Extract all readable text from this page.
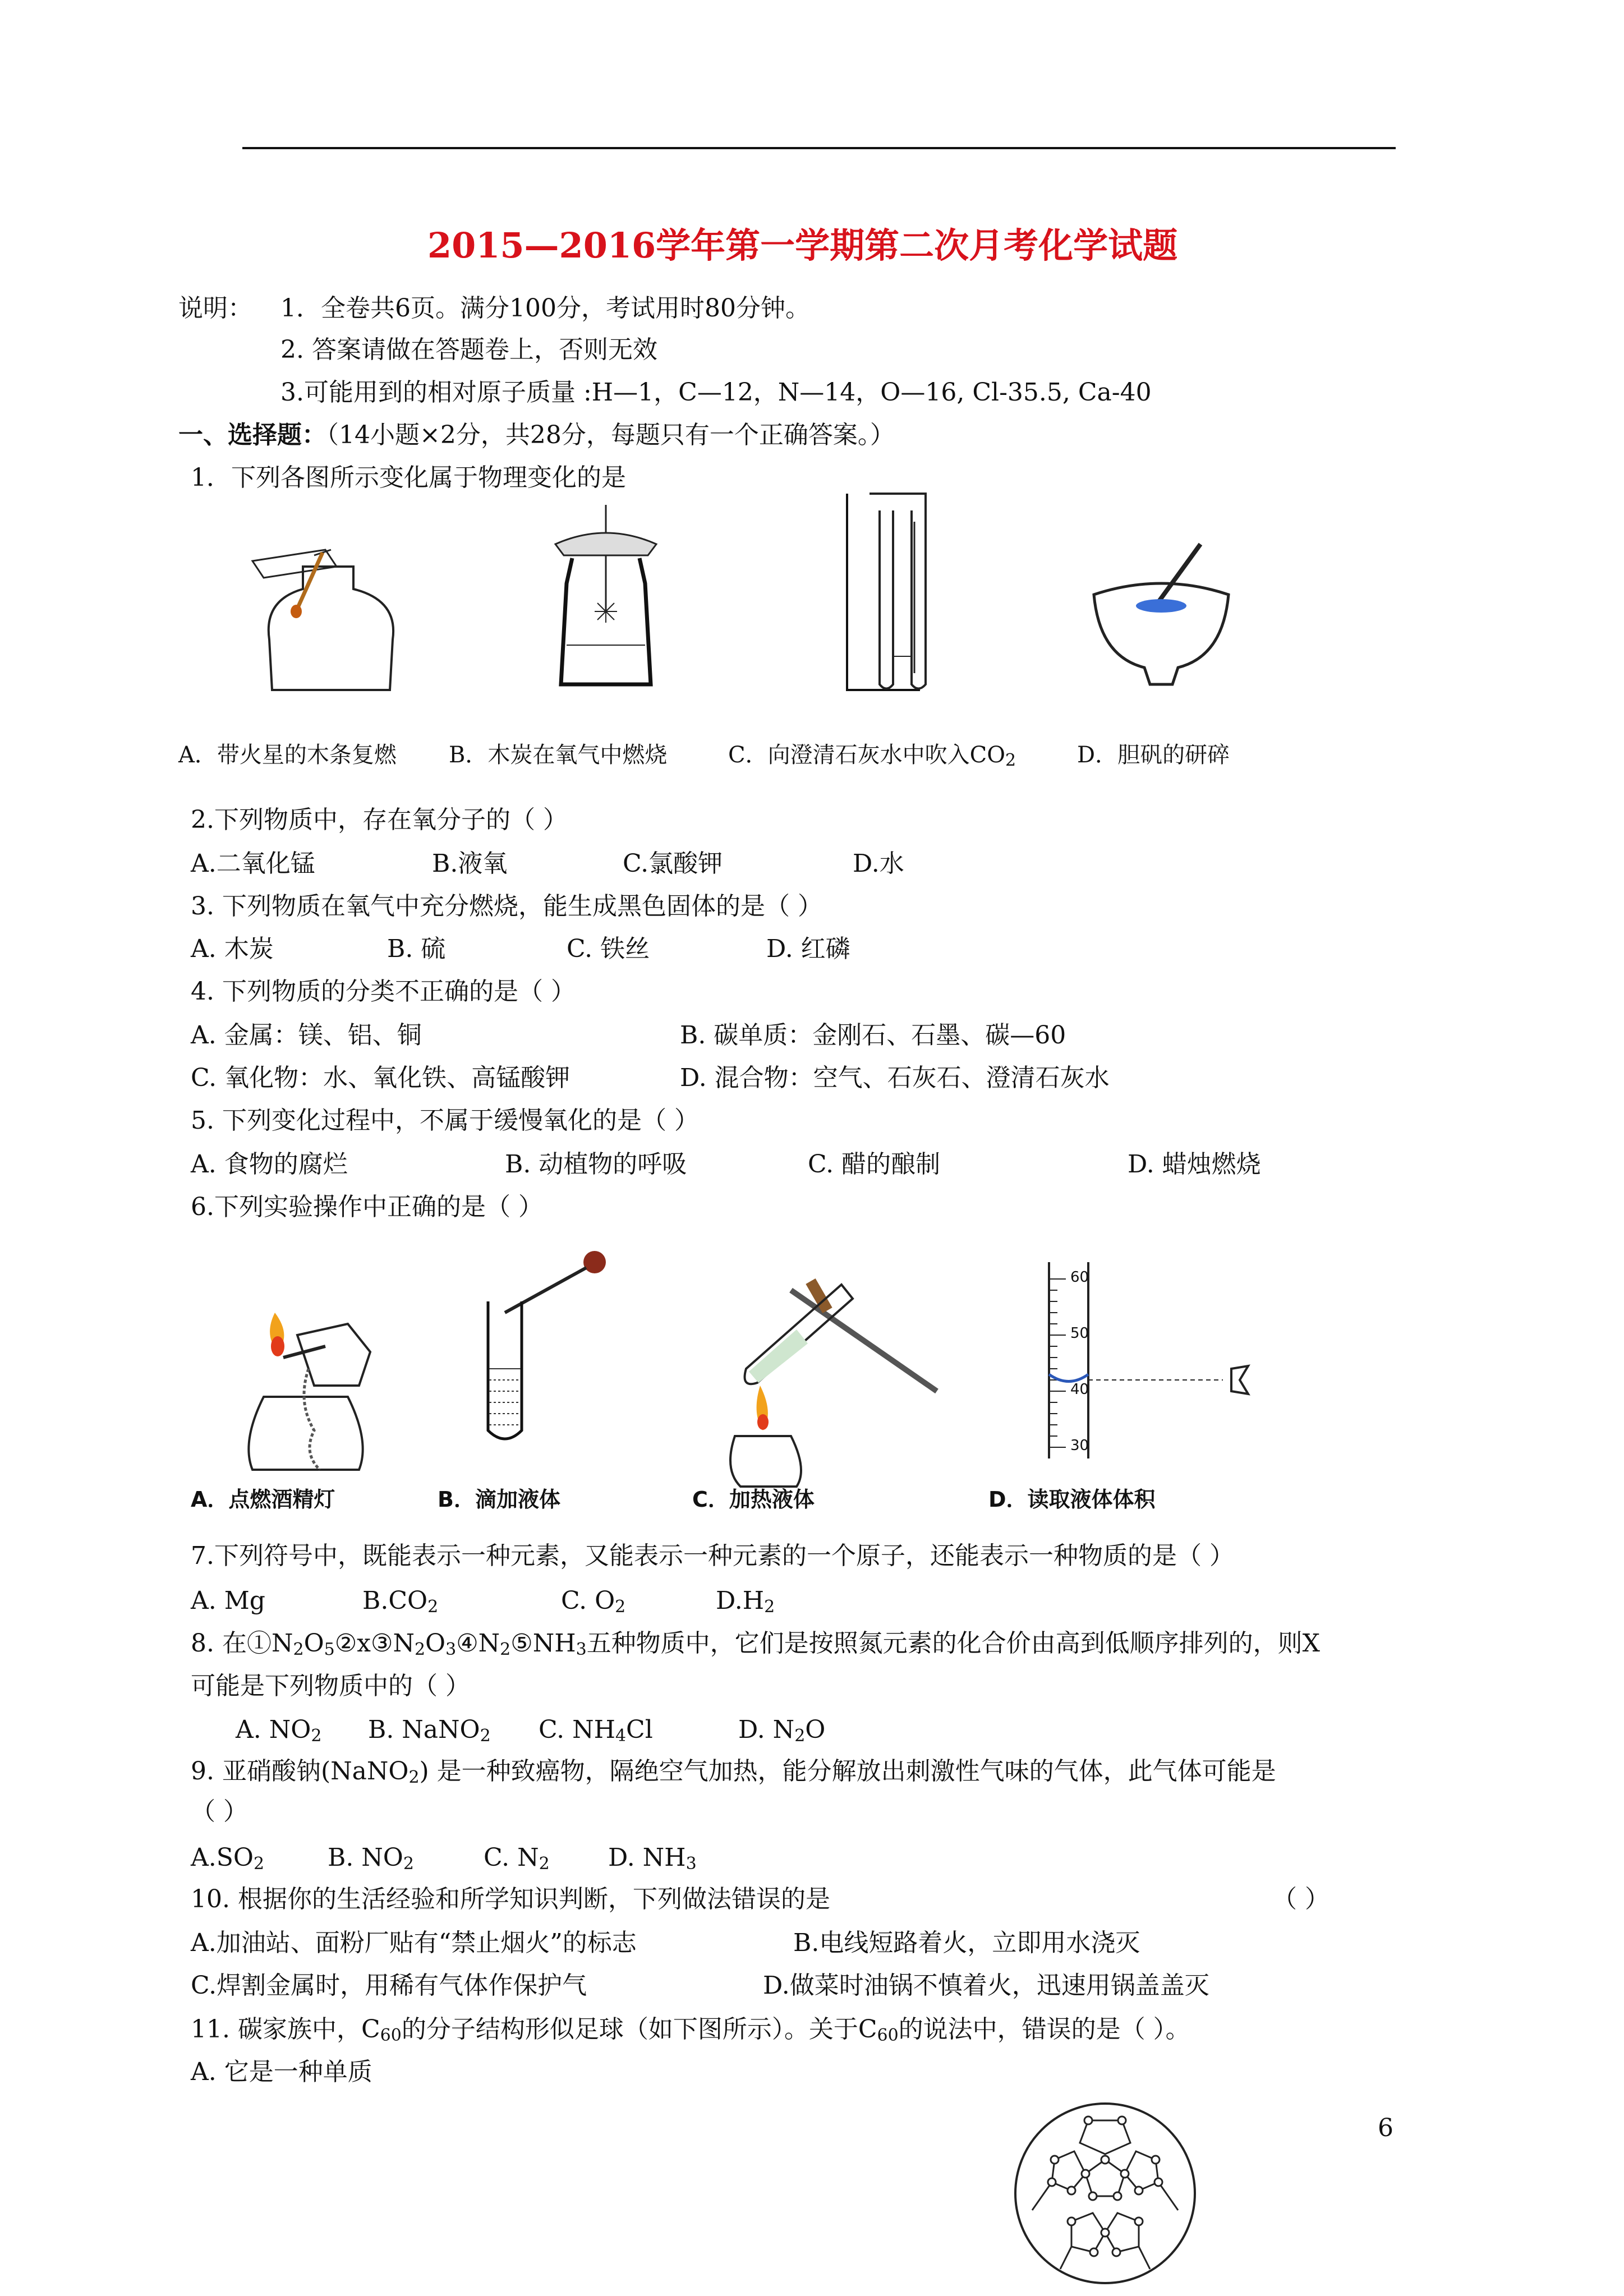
2015—2016学年第一学期第二次月考化学试题
说明： 1．全卷共6页。满分100分，考试用时80分钟。
2. 答案请做在答题卷上，否则无效
3.可能用到的相对原子质量 :H—1，C—12，N—14，O—16, Cl-35.5, Ca-40
一、选择题：（14小题×2分，共28分，每题只有一个正确答案。）
1．下列各图所示变化属于物理变化的是
A．带火星的木条复燃 B．木炭在氧气中燃烧	C．向澄清石灰水中吹入$CO_2$	D．胆矾的研碎
2.下列物质中，存在氧分子的（ ）
A.二氧化锰	B.液氧	C.氯酸钾	D.水
3. 下列物质在氧气中充分燃烧，能生成黑色固体的是（ ）
A. 木炭	B. 硫	C. 铁丝	D. 红磷
4. 下列物质的分类不正确的是（ ）
A. 金属：镁、铝、铜	B. 碳单质：金刚石、石墨、碳—60
C. 氧化物：水、氧化铁、高锰酸钾	D. 混合物：空气、石灰石、澄清石灰水
5. 下列变化过程中，不属于缓慢氧化的是（ ）
A. 食物的腐烂	B. 动植物的呼吸	C. 醋的酿制	D. 蜡烛燃烧
6.下列实验操作中正确的是（ ）
60
50
40
30
A．点燃酒精灯	B．滴加液体	C．加热液体	D．读取液体体积
7.下列符号中，既能表示一种元素，又能表示一种元素的一个原子，还能表示一种物质的是（ ）
A. Mg	$B.CO_2$	C. $O_2$	$D.H_2$
8. 在$①N_2O_5②x③N_2O_3④N_2⑤NH_3$五种物质中，它们是按照氮元素的化合价由高到低顺序排列的，则X
可能是下列物质中的（ ）
A. $NO_2$ B. NaNO$_2$ C. $NH_4Cl$	D. $N_2O$
9. 亚硝酸钠(NaNO$_2$) 是一种致癌物，隔绝空气加热，能分解放出刺激性气味的气体，此气体可能是
（ ）
$A.SO_2$	B. $NO_2$	C. $N_2$ D. $NH_3$
10. 根据你的生活经验和所学知识判断，下列做法错误的是	（ ）
A.加油站、面粉厂贴有“禁止烟火”的标志	B.电线短路着火，立即用水浇灭
C.焊割金属时，用稀有气体作保护气	D.做菜时油锅不慎着火，迅速用锅盖盖灭
11. 碳家族中，$C_{60}$的分子结构形似足球（如下图所示）。关于$C_{60}$的说法中，错误的是（ ）。
A. 它是一种单质
6
